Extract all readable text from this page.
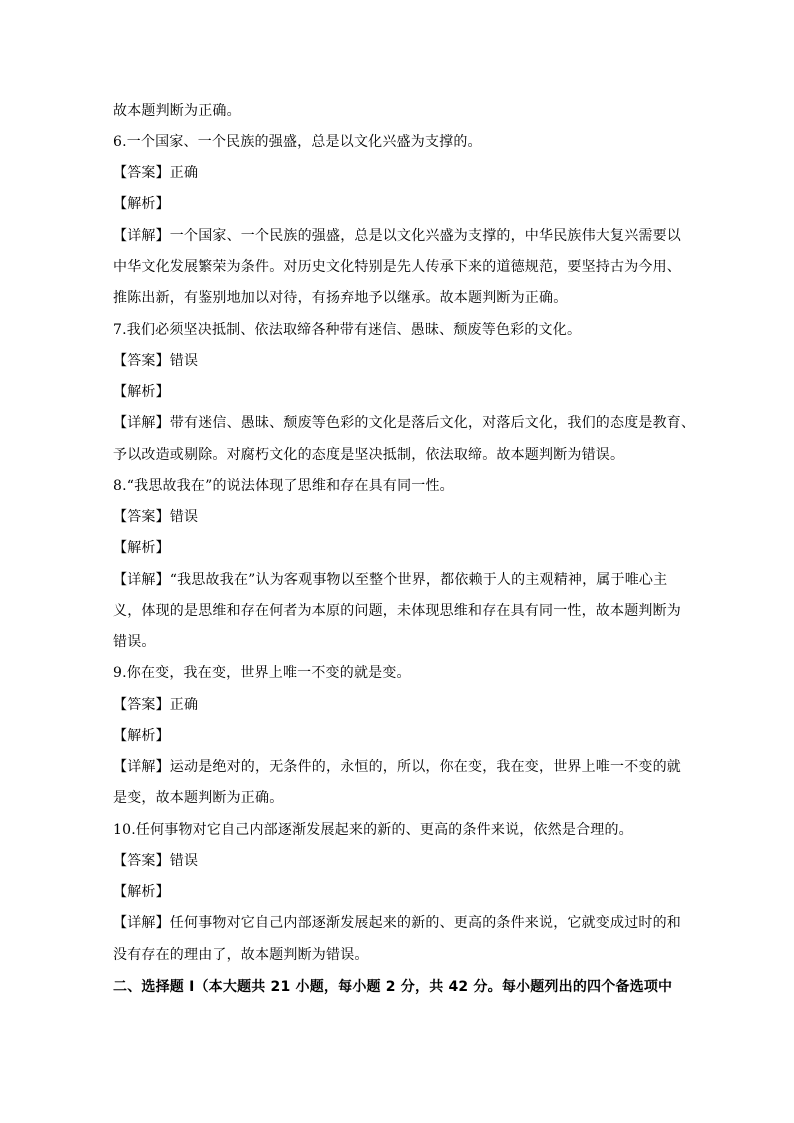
故本题判断为正确。
6.一个国家、一个民族的强盛，总是以文化兴盛为支撑的。
【答案】正确
【解析】
【详解】一个国家、一个民族的强盛，总是以文化兴盛为支撑的，中华民族伟大复兴需要以
中华文化发展繁荣为条件。对历史文化特别是先人传承下来的道德规范，要坚持古为今用、
推陈出新，有鉴别地加以对待，有扬弃地予以继承。故本题判断为正确。
7.我们必须坚决抵制、依法取缔各种带有迷信、愚昧、颓废等色彩的文化。
【答案】错误
【解析】
【详解】带有迷信、愚昧、颓废等色彩的文化是落后文化，对落后文化，我们的态度是教育、
予以改造或剔除。对腐朽文化的态度是坚决抵制，依法取缔。故本题判断为错误。
8.“我思故我在”的说法体现了思维和存在具有同一性。
【答案】错误
【解析】
【详解】“我思故我在”认为客观事物以至整个世界，都依赖于人的主观精神，属于唯心主
义，体现的是思维和存在何者为本原的问题，未体现思维和存在具有同一性，故本题判断为
错误。
9.你在变，我在变，世界上唯一不变的就是变。
【答案】正确
【解析】
【详解】运动是绝对的，无条件的，永恒的，所以，你在变，我在变，世界上唯一不变的就
是变，故本题判断为正确。
10.任何事物对它自己内部逐渐发展起来的新的、更高的条件来说，依然是合理的。
【答案】错误
【解析】
【详解】任何事物对它自己内部逐渐发展起来的新的、更高的条件来说，它就变成过时的和
没有存在的理由了，故本题判断为错误。
二、选择题 I（本大题共 21 小题，每小题 2 分，共 42 分。每小题列出的四个备选项中
